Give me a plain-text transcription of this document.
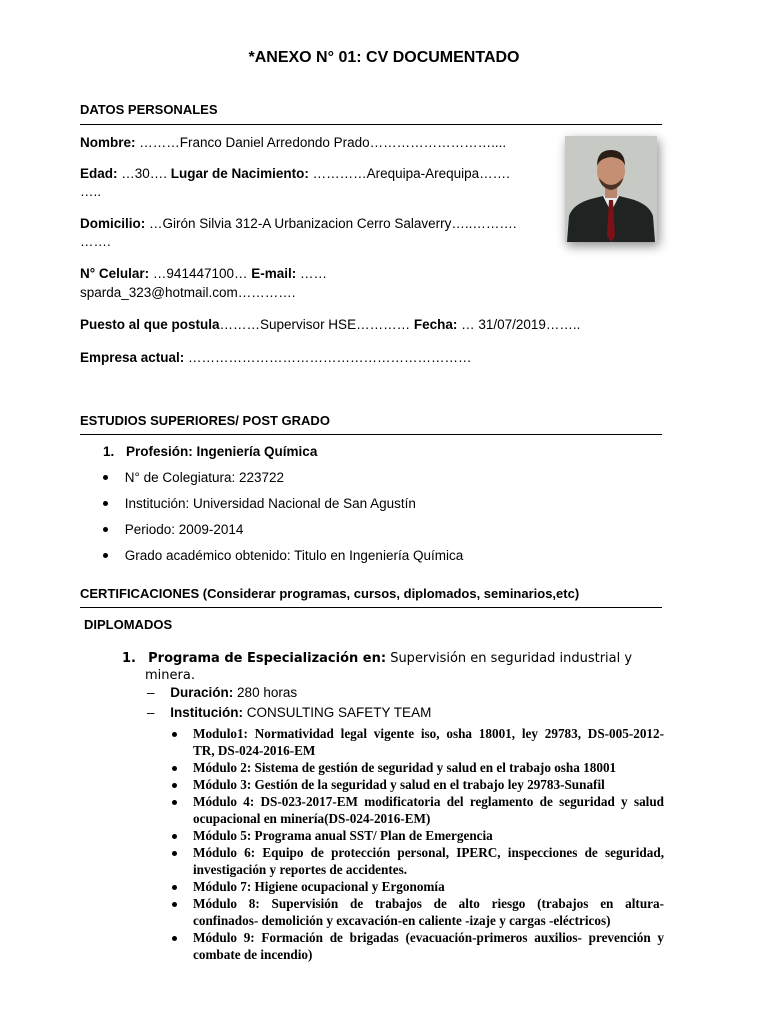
*ANEXO N° 01: CV DOCUMENTADO
DATOS PERSONALES
Nombre: ………Franco Daniel Arredondo Prado………………………....
Edad: …30…. Lugar de Nacimiento: …………Arequipa-Arequipa…….
…..
Domicilio: …Girón Silvia 312-A Urbanizacion Cerro Salaverry…..……….
…….
N° Celular: …941447100… E-mail: ……
sparda_323@hotmail.com………….
Puesto al que postula………Supervisor HSE………… Fecha: … 31/07/2019……..
Empresa actual: ………………………………………………………
ESTUDIOS SUPERIORES/ POST GRADO
1. Profesión: Ingeniería Química
N° de Colegiatura: 223722
Institución: Universidad Nacional de San Agustín
Periodo: 2009-2014
Grado académico obtenido: Titulo en Ingeniería Química
CERTIFICACIONES (Considerar programas, cursos, diplomados, seminarios,etc)
DIPLOMADOS
1. Programa de Especialización en: Supervisión en seguridad industrial y
minera.
– Duración: 280 horas
– Institución: CONSULTING SAFETY TEAM
Modulo1: Normatividad legal vigente iso, osha 18001, ley 29783, DS-005-2012-
TR, DS-024-2016-EM
Módulo 2: Sistema de gestión de seguridad y salud en el trabajo osha 18001
Módulo 3: Gestión de la seguridad y salud en el trabajo ley 29783-Sunafil
Módulo 4: DS-023-2017-EM modificatoria del reglamento de seguridad y salud
ocupacional en minería(DS-024-2016-EM)
Módulo 5: Programa anual SST/ Plan de Emergencia
Módulo 6: Equipo de protección personal, IPERC, inspecciones de seguridad,
investigación y reportes de accidentes.
Módulo 7: Higiene ocupacional y Ergonomía
Módulo 8: Supervisión de trabajos de alto riesgo (trabajos en altura-
confinados- demolición y excavación-en caliente -izaje y cargas -eléctricos)
Módulo 9: Formación de brigadas (evacuación-primeros auxilios- prevención y
combate de incendio)
